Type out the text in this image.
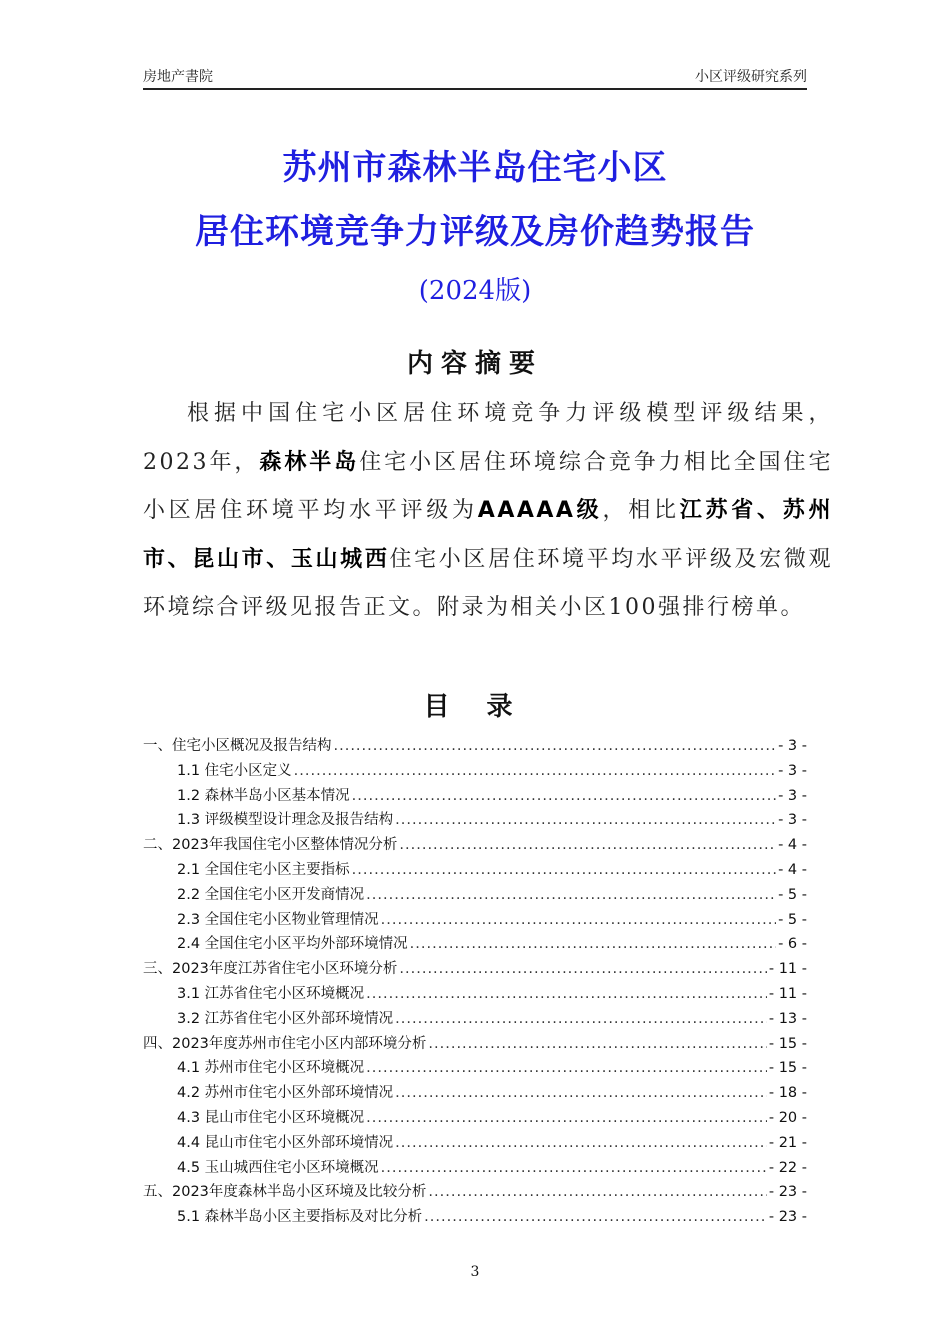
房地产書院	小区评级研究系列
苏州市森林半岛住宅小区
居住环境竞争力评级及房价趋势报告
(2024版)
内容摘要

根据中国住宅小区居住环境竞争力评级模型评级结果，2023年，森林半岛住宅小区居住环境综合竞争力相比全国住宅小区居住环境平均水平评级为AAAAA级，相比江苏省、苏州市、昆山市、玉山城西住宅小区居住环境平均水平评级及宏微观环境综合评级见报告正文。附录为相关小区100强排行榜单。

目 录
一、住宅小区概况及报告结构 .....	- 3 -
1.1 住宅小区定义 .....	- 3 -
1.2 森林半岛小区基本情况 .....	- 3 -
1.3 评级模型设计理念及报告结构 .....	- 3 -
二、2023年我国住宅小区整体情况分析 .....	- 4 -
2.1 全国住宅小区主要指标 .....	- 4 -
2.2 全国住宅小区开发商情况 .....	- 5 -
2.3 全国住宅小区物业管理情况 .....	- 5 -
2.4 全国住宅小区平均外部环境情况 .....	- 6 -
三、2023年度江苏省住宅小区环境分析 .....	- 11 -
3.1 江苏省住宅小区环境概况 .....	- 11 -
3.2 江苏省住宅小区外部环境情况 .....	- 13 -
四、2023年度苏州市住宅小区内部环境分析 .....	- 15 -
4.1 苏州市住宅小区环境概况 .....	- 15 -
4.2 苏州市住宅小区外部环境情况 .....	- 18 -
4.3 昆山市住宅小区环境概况 .....	- 20 -
4.4 昆山市住宅小区外部环境情况 .....	- 21 -
4.5 玉山城西住宅小区环境概况 .....	- 22 -
五、2023年度森林半岛小区环境及比较分析 .....	- 23 -
5.1 森林半岛小区主要指标及对比分析 .....	- 23 -
3
